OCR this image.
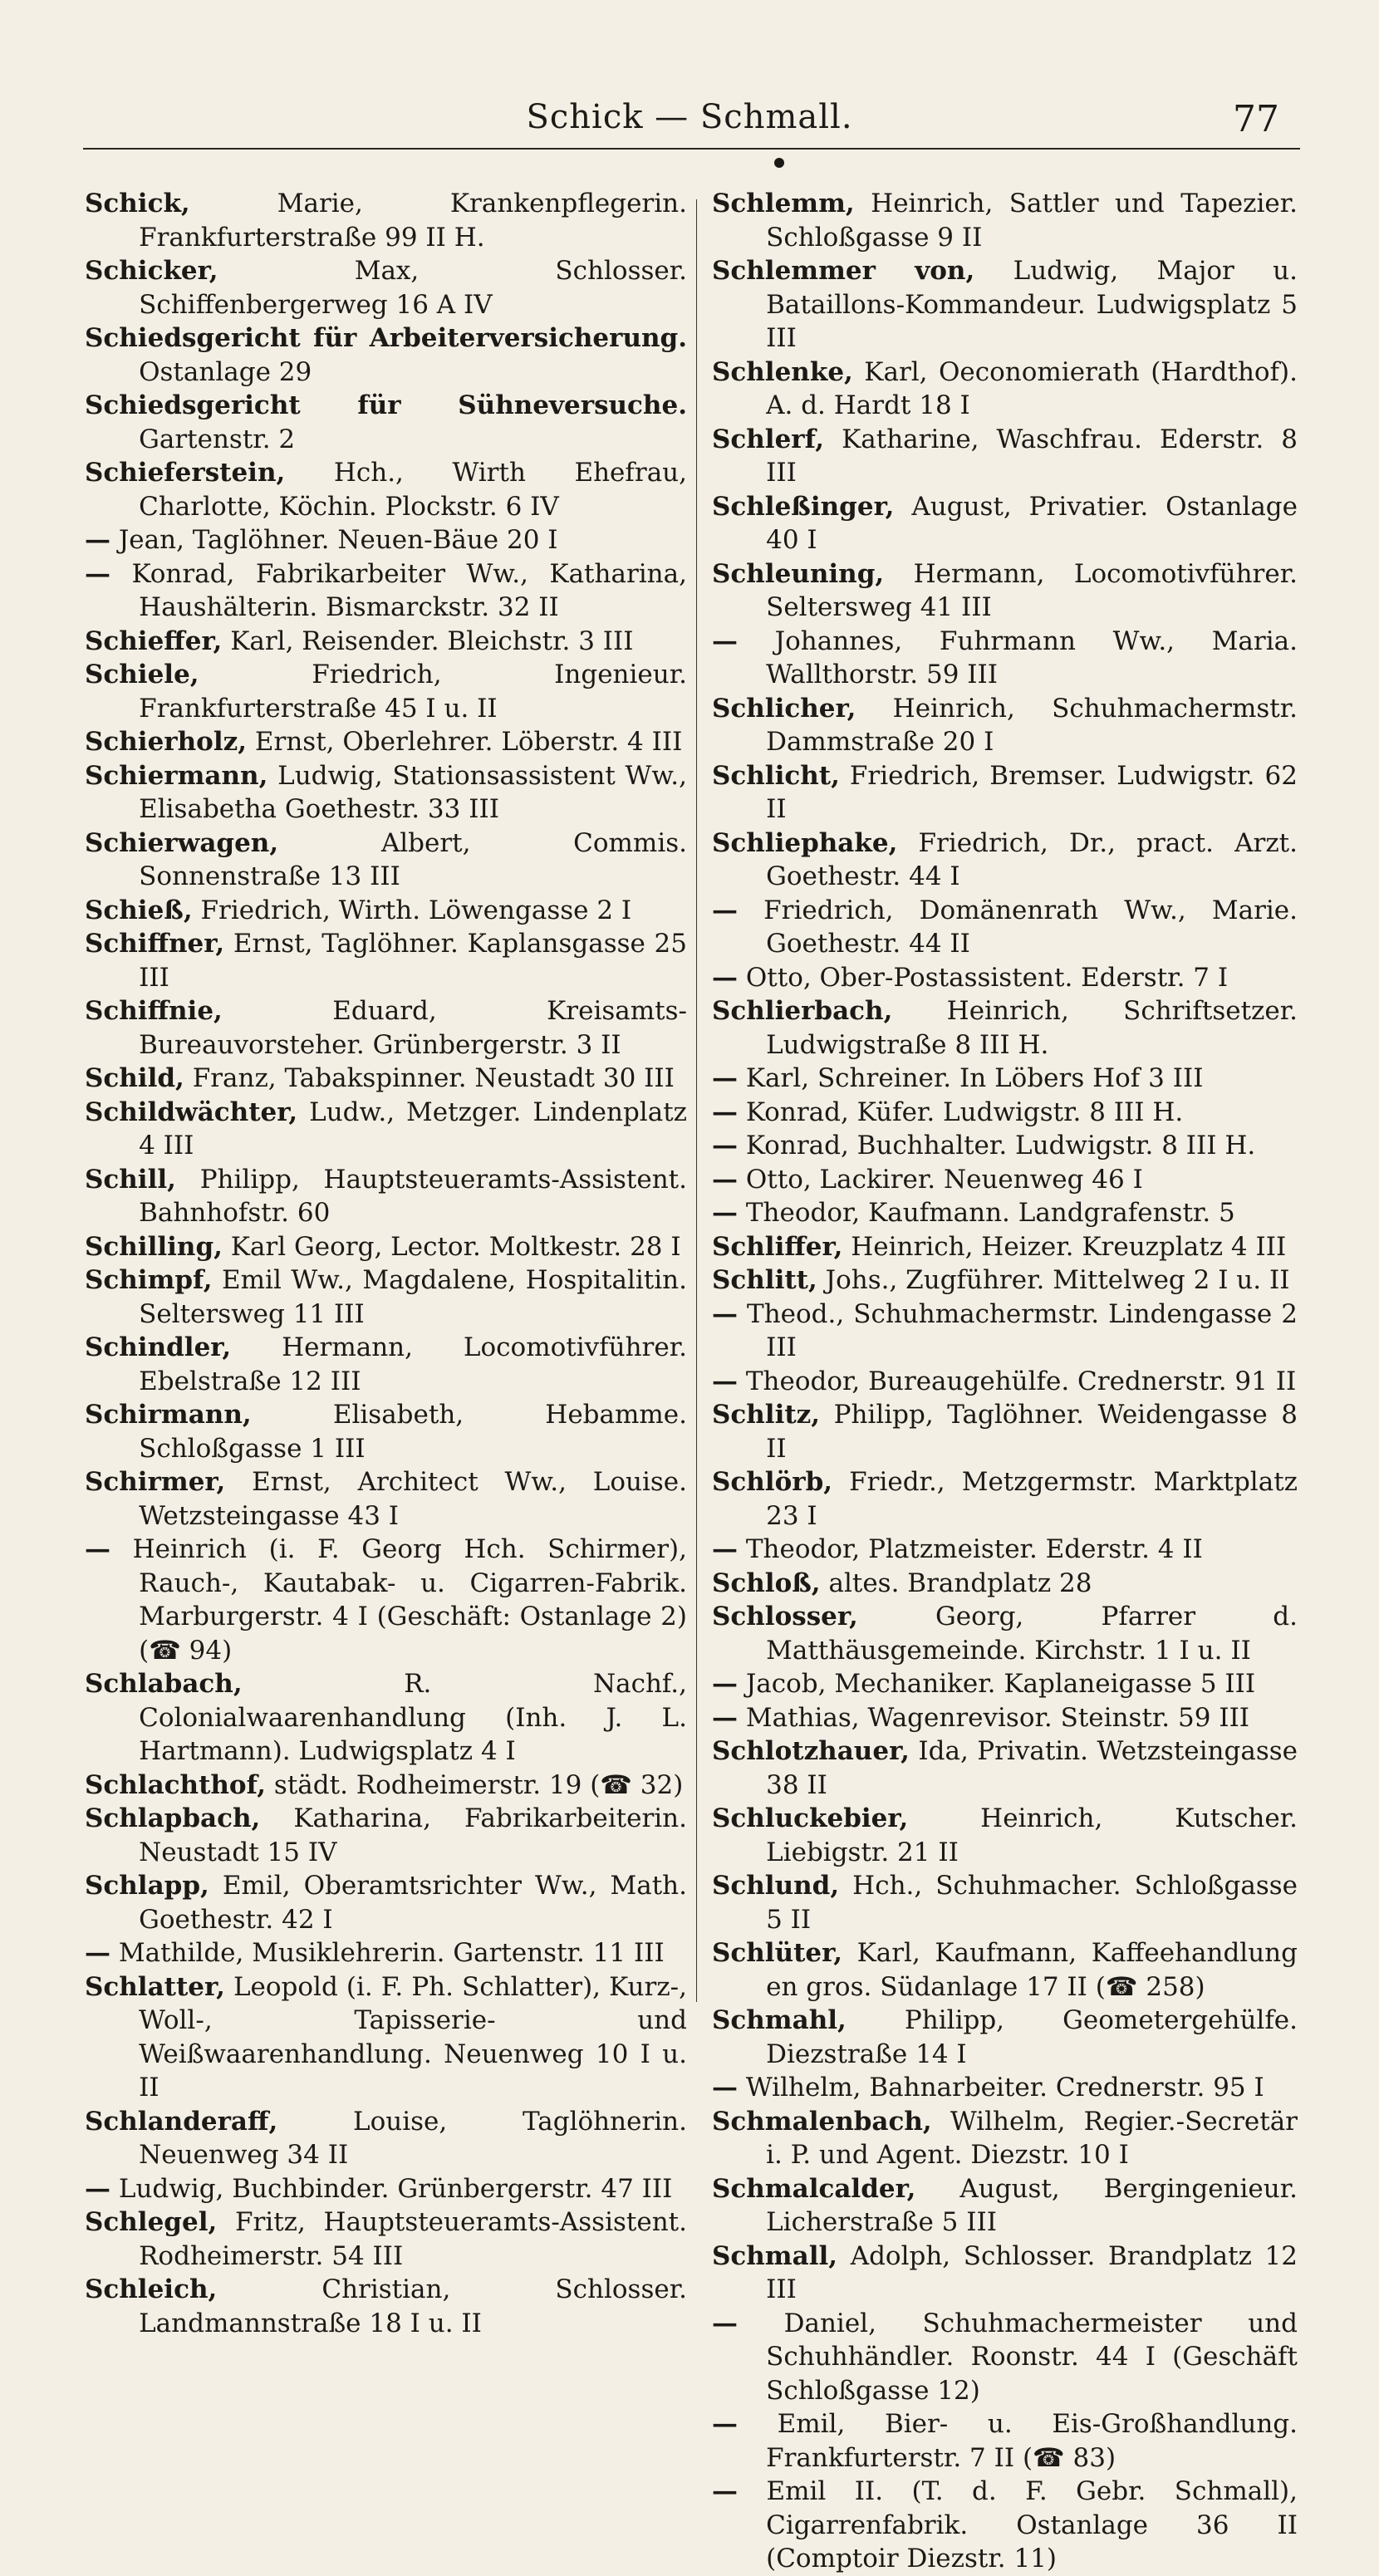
Schick — Schmall.	77

Schick,	Marie, Krankenpflegerin. Frankfurterstraße 99 II H.

Schicker,	Max, Schlosser. Schiffenbergerweg 16 A IV

Schiedsgericht für Arbeiterversicherung. Ostanlage 29

Schiedsgericht für Sühneversuche. Gartenstr. 2

Schieferstein, Hch., Wirth Ehefrau, Charlotte, Köchin. Plockstr. 6 IV

— Jean, Taglöhner. Neuen-Bäue 20 I

— Konrad, Fabrikarbeiter Ww., Katharina, Haushälterin. Bismarckstr. 32 II

Schieffer, Karl, Reisender. Bleichstr. 3 III

Schiele,	Friedrich, Ingenieur. Frankfurterstraße 45 I u. II

Schierholz, Ernst, Oberlehrer. Löberstr. 4 III

Schiermann, Ludwig, Stationsassistent Ww., Elisabetha Goethestr. 33 III

Schierwagen,	Albert, Commis. Sonnenstraße 13 III

Schieß, Friedrich, Wirth. Löwengasse 2 I

Schiffner, Ernst, Taglöhner. Kaplansgasse 25 III

Schiffnie,	Eduard, Kreisamts-Bureauvorsteher. Grünbergerstr. 3 II

Schild, Franz, Tabakspinner. Neustadt 30 III

Schildwächter, Ludw., Metzger. Lindenplatz 4 III

Schill, Philipp, Hauptsteueramts-Assistent. Bahnhofstr. 60

Schilling, Karl Georg, Lector. Moltkestr. 28 I

Schimpf, Emil Ww., Magdalene, Hospitalitin. Seltersweg 11 III

Schindler, Hermann, Locomotivführer. Ebelstraße 12 III

Schirmann,	Elisabeth, Hebamme. Schloßgasse 1 III

Schirmer, Ernst, Architect Ww., Louise. Wetzsteingasse 43 I

— Heinrich (i. F. Georg Hch. Schirmer), Rauch-, Kautabak- u. Cigarren-Fabrik. Marburgerstr. 4 I (Geschäft: Ostanlage 2) (☎ 94)

Schlabach,	R. Nachf., Colonialwaarenhandlung (Inh. J. L. Hartmann). Ludwigsplatz 4 I

Schlachthof, städt. Rodheimerstr. 19 (☎ 32)

Schlapbach, Katharina, Fabrikarbeiterin. Neustadt 15 IV

Schlapp, Emil, Oberamtsrichter Ww., Math. Goethestr. 42 I

— Mathilde, Musiklehrerin. Gartenstr. 11 III

Schlatter, Leopold (i. F. Ph. Schlatter), Kurz-, Woll-, Tapisserie- und Weißwaarenhandlung. Neuenweg 10 I u. II

Schlanderaff,	Louise, Taglöhnerin. Neuenweg 34 II

— Ludwig, Buchbinder. Grünbergerstr. 47 III

Schlegel, Fritz, Hauptsteueramts-Assistent. Rodheimerstr. 54 III

Schleich,	Christian, Schlosser. Landmannstraße 18 I u. II

Schlemm, Heinrich, Sattler und Tapezier. Schloßgasse 9 II

Schlemmer von, Ludwig, Major u. Bataillons-Kommandeur. Ludwigsplatz 5 III

Schlenke, Karl, Oeconomierath (Hardthof). A. d. Hardt 18 I

Schlerf, Katharine, Waschfrau. Ederstr. 8 III

Schleßinger, August, Privatier. Ostanlage 40 I

Schleuning, Hermann, Locomotivführer. Seltersweg 41 III

— Johannes, Fuhrmann Ww., Maria. Wallthorstr. 59 III

Schlicher, Heinrich, Schuhmachermstr. Dammstraße 20 I

Schlicht, Friedrich, Bremser. Ludwigstr. 62 II

Schliephake, Friedrich, Dr., pract. Arzt. Goethestr. 44 I

— Friedrich, Domänenrath Ww., Marie. Goethestr. 44 II

— Otto, Ober-Postassistent. Ederstr. 7 I

Schlierbach, Heinrich, Schriftsetzer. Ludwigstraße 8 III H.

— Karl, Schreiner. In Löbers Hof 3 III

— Konrad, Küfer. Ludwigstr. 8 III H.

— Konrad, Buchhalter. Ludwigstr. 8 III H.

— Otto, Lackirer. Neuenweg 46 I

— Theodor, Kaufmann. Landgrafenstr. 5

Schliffer, Heinrich, Heizer. Kreuzplatz 4 III

Schlitt, Johs., Zugführer. Mittelweg 2 I u. II

— Theod., Schuhmachermstr. Lindengasse 2 III

— Theodor, Bureaugehülfe. Crednerstr. 91 II

Schlitz, Philipp, Taglöhner. Weidengasse 8 II

Schlörb, Friedr., Metzgermstr. Marktplatz 23 I

— Theodor, Platzmeister. Ederstr. 4 II

Schloß, altes. Brandplatz 28

Schlosser,	Georg, Pfarrer d. Matthäusgemeinde. Kirchstr. 1 I u. II

— Jacob, Mechaniker. Kaplaneigasse 5 III

— Mathias, Wagenrevisor. Steinstr. 59 III

Schlotzhauer, Ida, Privatin. Wetzsteingasse 38 II

Schluckebier,	Heinrich, Kutscher. Liebigstr. 21 II

Schlund, Hch., Schuhmacher. Schloßgasse 5 II

Schlüter, Karl, Kaufmann, Kaffeehandlung en gros. Südanlage 17 II (☎ 258)

Schmahl, Philipp, Geometergehülfe. Diezstraße 14 I

— Wilhelm, Bahnarbeiter. Crednerstr. 95 I

Schmalenbach, Wilhelm, Regier.-Secretär i. P. und Agent. Diezstr. 10 I

Schmalcalder, August, Bergingenieur. Licherstraße 5 III

Schmall, Adolph, Schlosser. Brandplatz 12 III

— Daniel, Schuhmachermeister und Schuhhändler. Roonstr. 44 I (Geschäft Schloßgasse 12)

— Emil, Bier- u. Eis-Großhandlung. Frankfurterstr. 7 II (☎ 83)

— Emil II. (T. d. F. Gebr. Schmall), Cigarrenfabrik. Ostanlage 36 II (Comptoir Diezstr. 11)
